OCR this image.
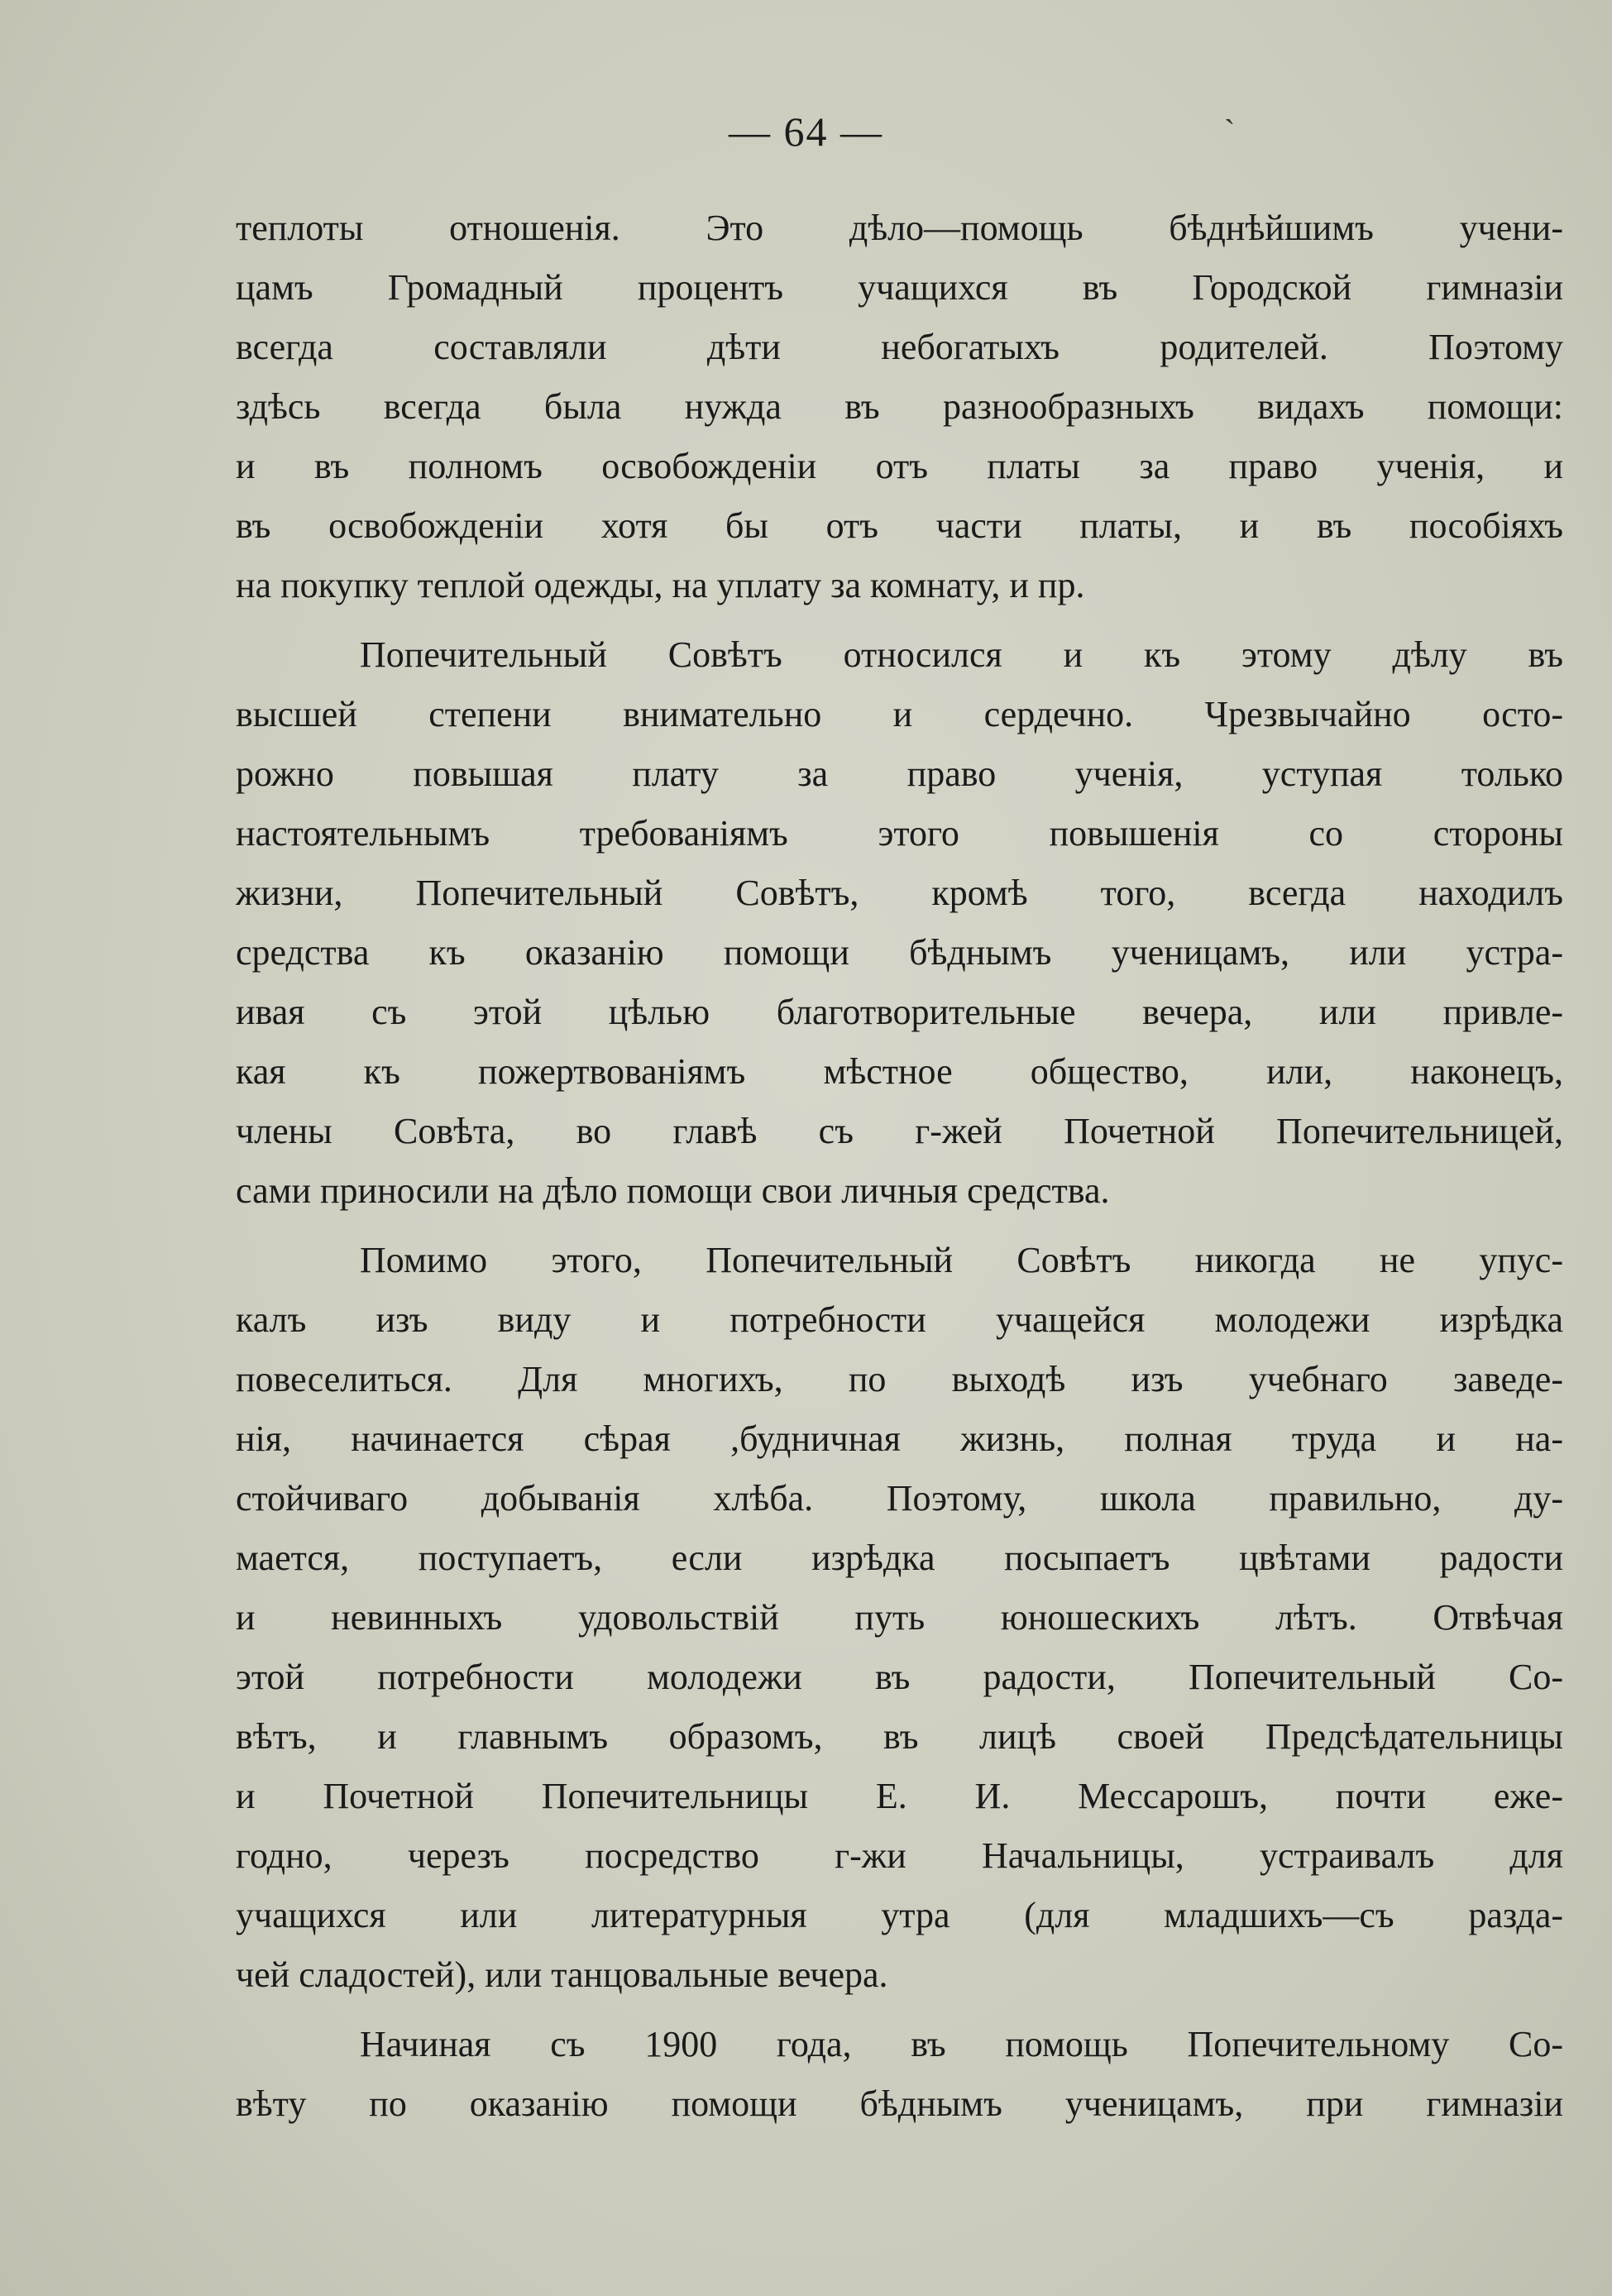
— 64 —	`
теплоты отношенія. Это дѣло—помощь бѣднѣйшимъ учени-
цамъ Громадный процентъ учащихся въ Городской гимназіи
всегда составляли дѣти небогатыхъ родителей. Поэтому
здѣсь всегда была нужда въ разнообразныхъ видахъ помощи:
и въ полномъ освобожденіи отъ платы за право ученія, и
въ освобожденіи хотя бы отъ части платы, и въ пособіяхъ
на покупку теплой одежды, на уплату за комнату, и пр.
Попечительный Совѣтъ относился и къ этому дѣлу въ
высшей степени внимательно и сердечно. Чрезвычайно осто-
рожно повышая плату за право ученія, уступая только
настоятельнымъ требованіямъ этого повышенія со стороны
жизни, Попечительный Совѣтъ, кромѣ того, всегда находилъ
средства къ оказанію помощи бѣднымъ ученицамъ, или устра-
ивая съ этой цѣлью благотворительные вечера, или привле-
кая къ пожертвованіямъ мѣстное общество, или, наконецъ,
члены Совѣта, во главѣ съ г-жей Почетной Попечительницей,
сами приносили на дѣло помощи свои личныя средства.
Помимо этого, Попечительный Совѣтъ никогда не упус-
калъ изъ виду и потребности учащейся молодежи изрѣдка
повеселиться. Для многихъ, по выходѣ изъ учебнаго заведе-
нія, начинается сѣрая ,будничная жизнь, полная труда и на-
стойчиваго добыванія хлѣба. Поэтому, школа правильно, ду-
мается, поступаетъ, если изрѣдка посыпаетъ цвѣтами радости
и невинныхъ удовольствій путь юношескихъ лѣтъ. Отвѣчая
этой потребности молодежи въ радости, Попечительный Со-
вѣтъ, и главнымъ образомъ, въ лицѣ своей Предсѣдательницы
и Почетной Попечительницы Е. И. Мессарошъ, почти ежe-
годно, черезъ посредство г-жи Начальницы, устраивалъ для
учащихся или литературныя утра (для младшихъ—съ разда-
чей сладостей), или танцовальные вечера.
Начиная съ 1900 года, въ помощь Попечительному Со-
вѣту по оказанію помощи бѣднымъ ученицамъ, при гимназіи
